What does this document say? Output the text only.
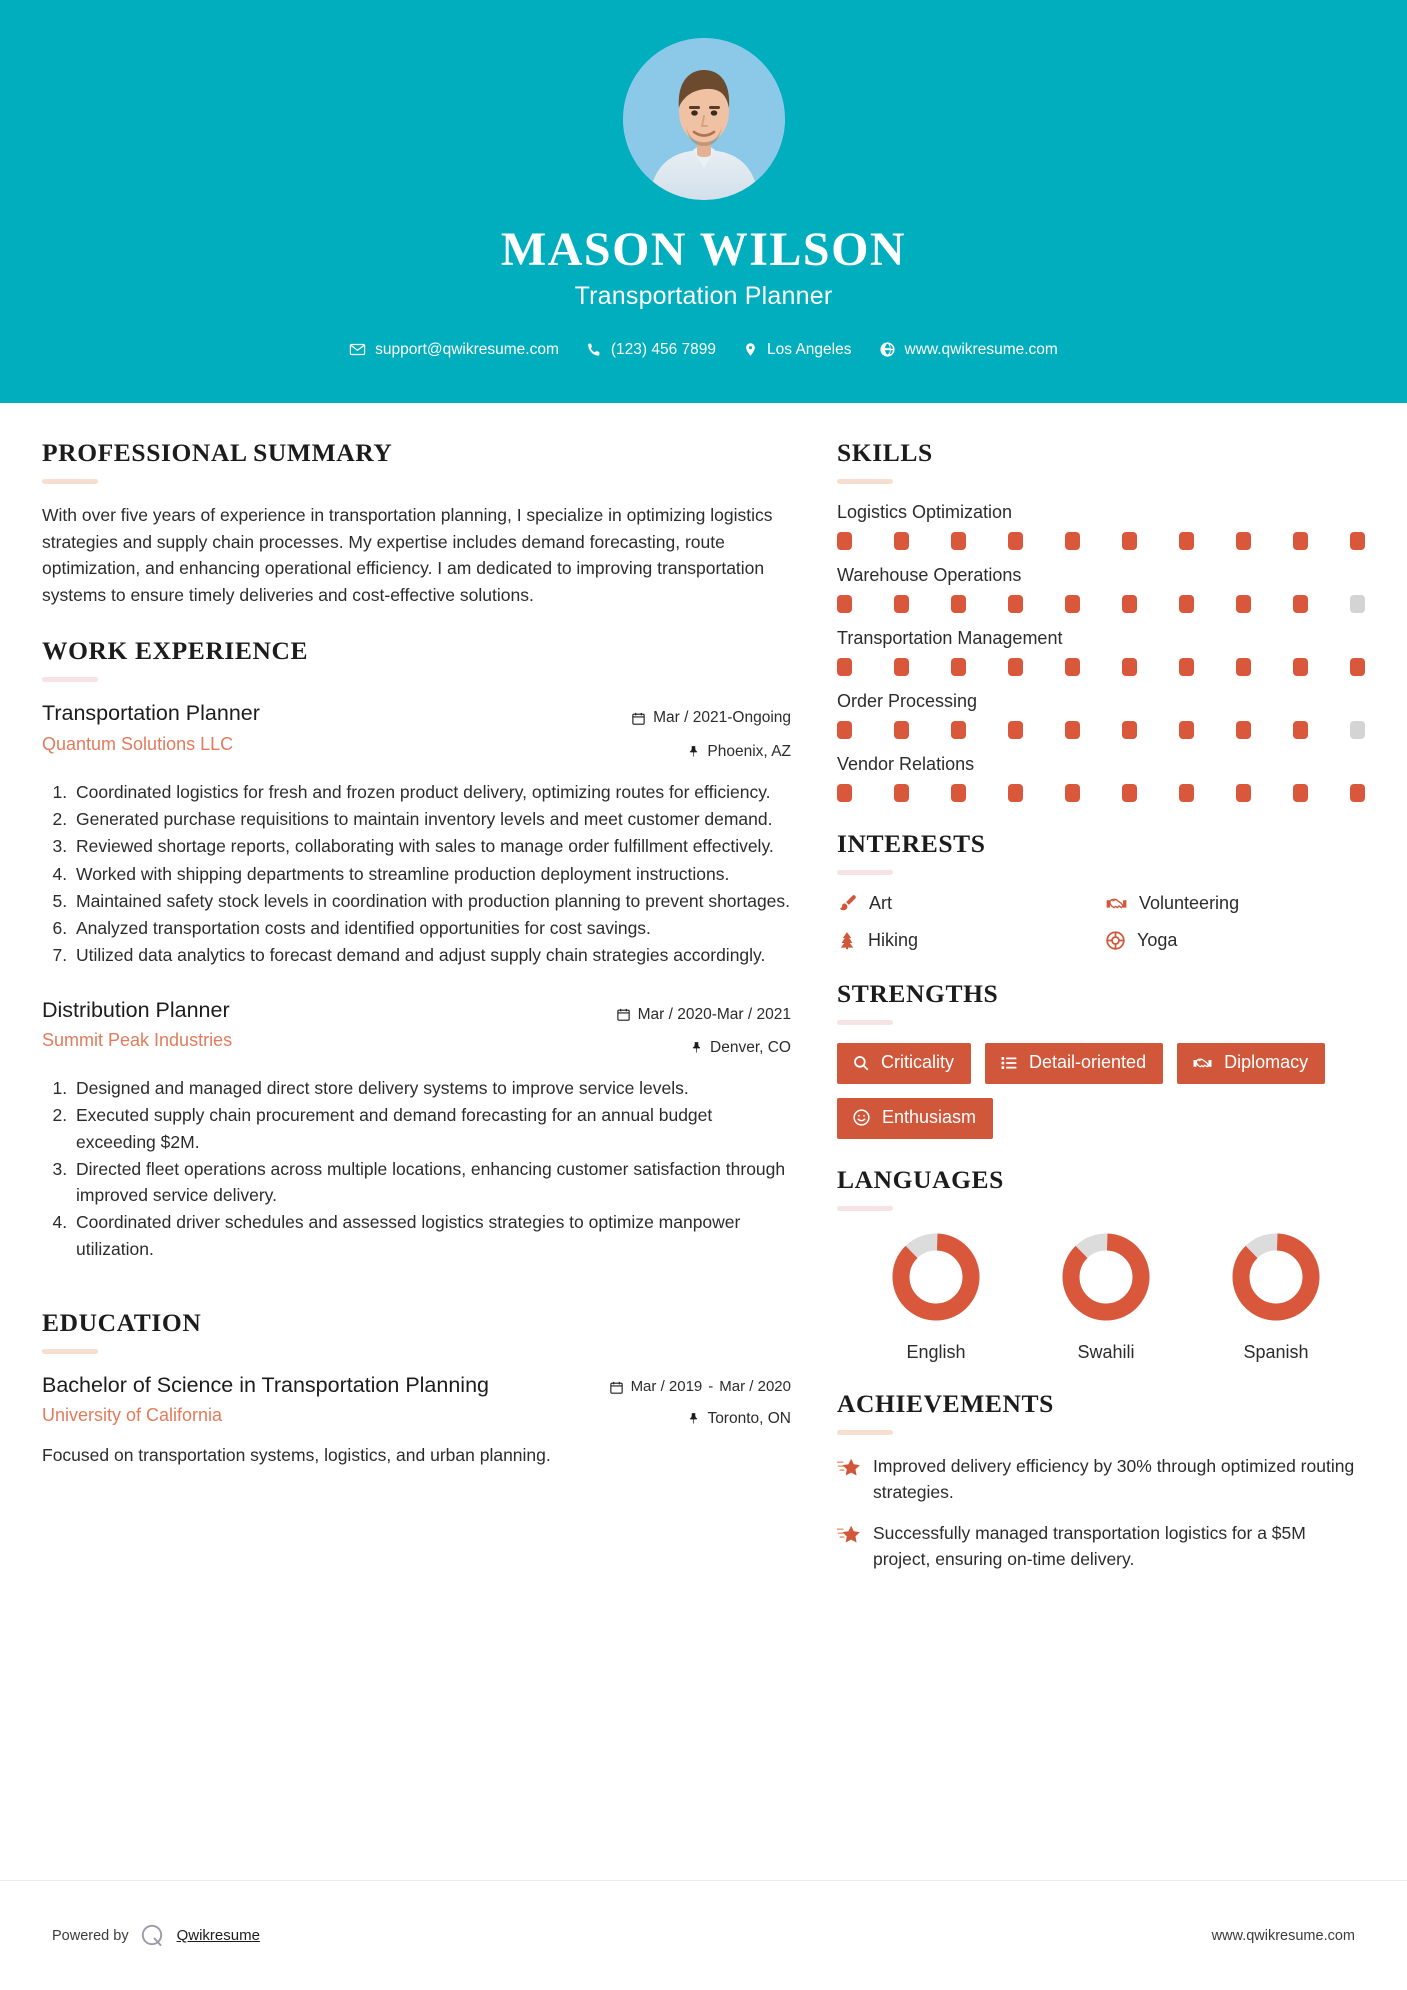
MASON WILSON
Transportation Planner
support@qwikresume.com	(123) 456 7899	Los Angeles	www.qwikresume.com
PROFESSIONAL SUMMARY
With over five years of experience in transportation planning, I specialize in optimizing logistics strategies and supply chain processes. My expertise includes demand forecasting, route optimization, and enhancing operational efficiency. I am dedicated to improving transportation systems to ensure timely deliveries and cost-effective solutions.
WORK EXPERIENCE
Transportation Planner
Quantum Solutions LLC
Mar / 2021-Ongoing
Phoenix, AZ
1. Coordinated logistics for fresh and frozen product delivery, optimizing routes for efficiency.
2. Generated purchase requisitions to maintain inventory levels and meet customer demand.
3. Reviewed shortage reports, collaborating with sales to manage order fulfillment effectively.
4. Worked with shipping departments to streamline production deployment instructions.
5. Maintained safety stock levels in coordination with production planning to prevent shortages.
6. Analyzed transportation costs and identified opportunities for cost savings.
7. Utilized data analytics to forecast demand and adjust supply chain strategies accordingly.
Distribution Planner
Summit Peak Industries
Mar / 2020-Mar / 2021
Denver, CO
1. Designed and managed direct store delivery systems to improve service levels.
2. Executed supply chain procurement and demand forecasting for an annual budget exceeding $2M.
3. Directed fleet operations across multiple locations, enhancing customer satisfaction through improved service delivery.
4. Coordinated driver schedules and assessed logistics strategies to optimize manpower utilization.
EDUCATION
Bachelor of Science in Transportation Planning
University of California
Mar / 2019 - Mar / 2020
Toronto, ON
Focused on transportation systems, logistics, and urban planning.
SKILLS
Logistics Optimization
Warehouse Operations
Transportation Management
Order Processing
Vendor Relations
INTERESTS
Art	Volunteering
Hiking	Yoga
STRENGTHS
Criticality	Detail-oriented	Diplomacy
Enthusiasm
LANGUAGES
English	Swahili	Spanish
ACHIEVEMENTS
Improved delivery efficiency by 30% through optimized routing strategies.
Successfully managed transportation logistics for a $5M project, ensuring on-time delivery.
Powered by	Qwikresume	www.qwikresume.com
